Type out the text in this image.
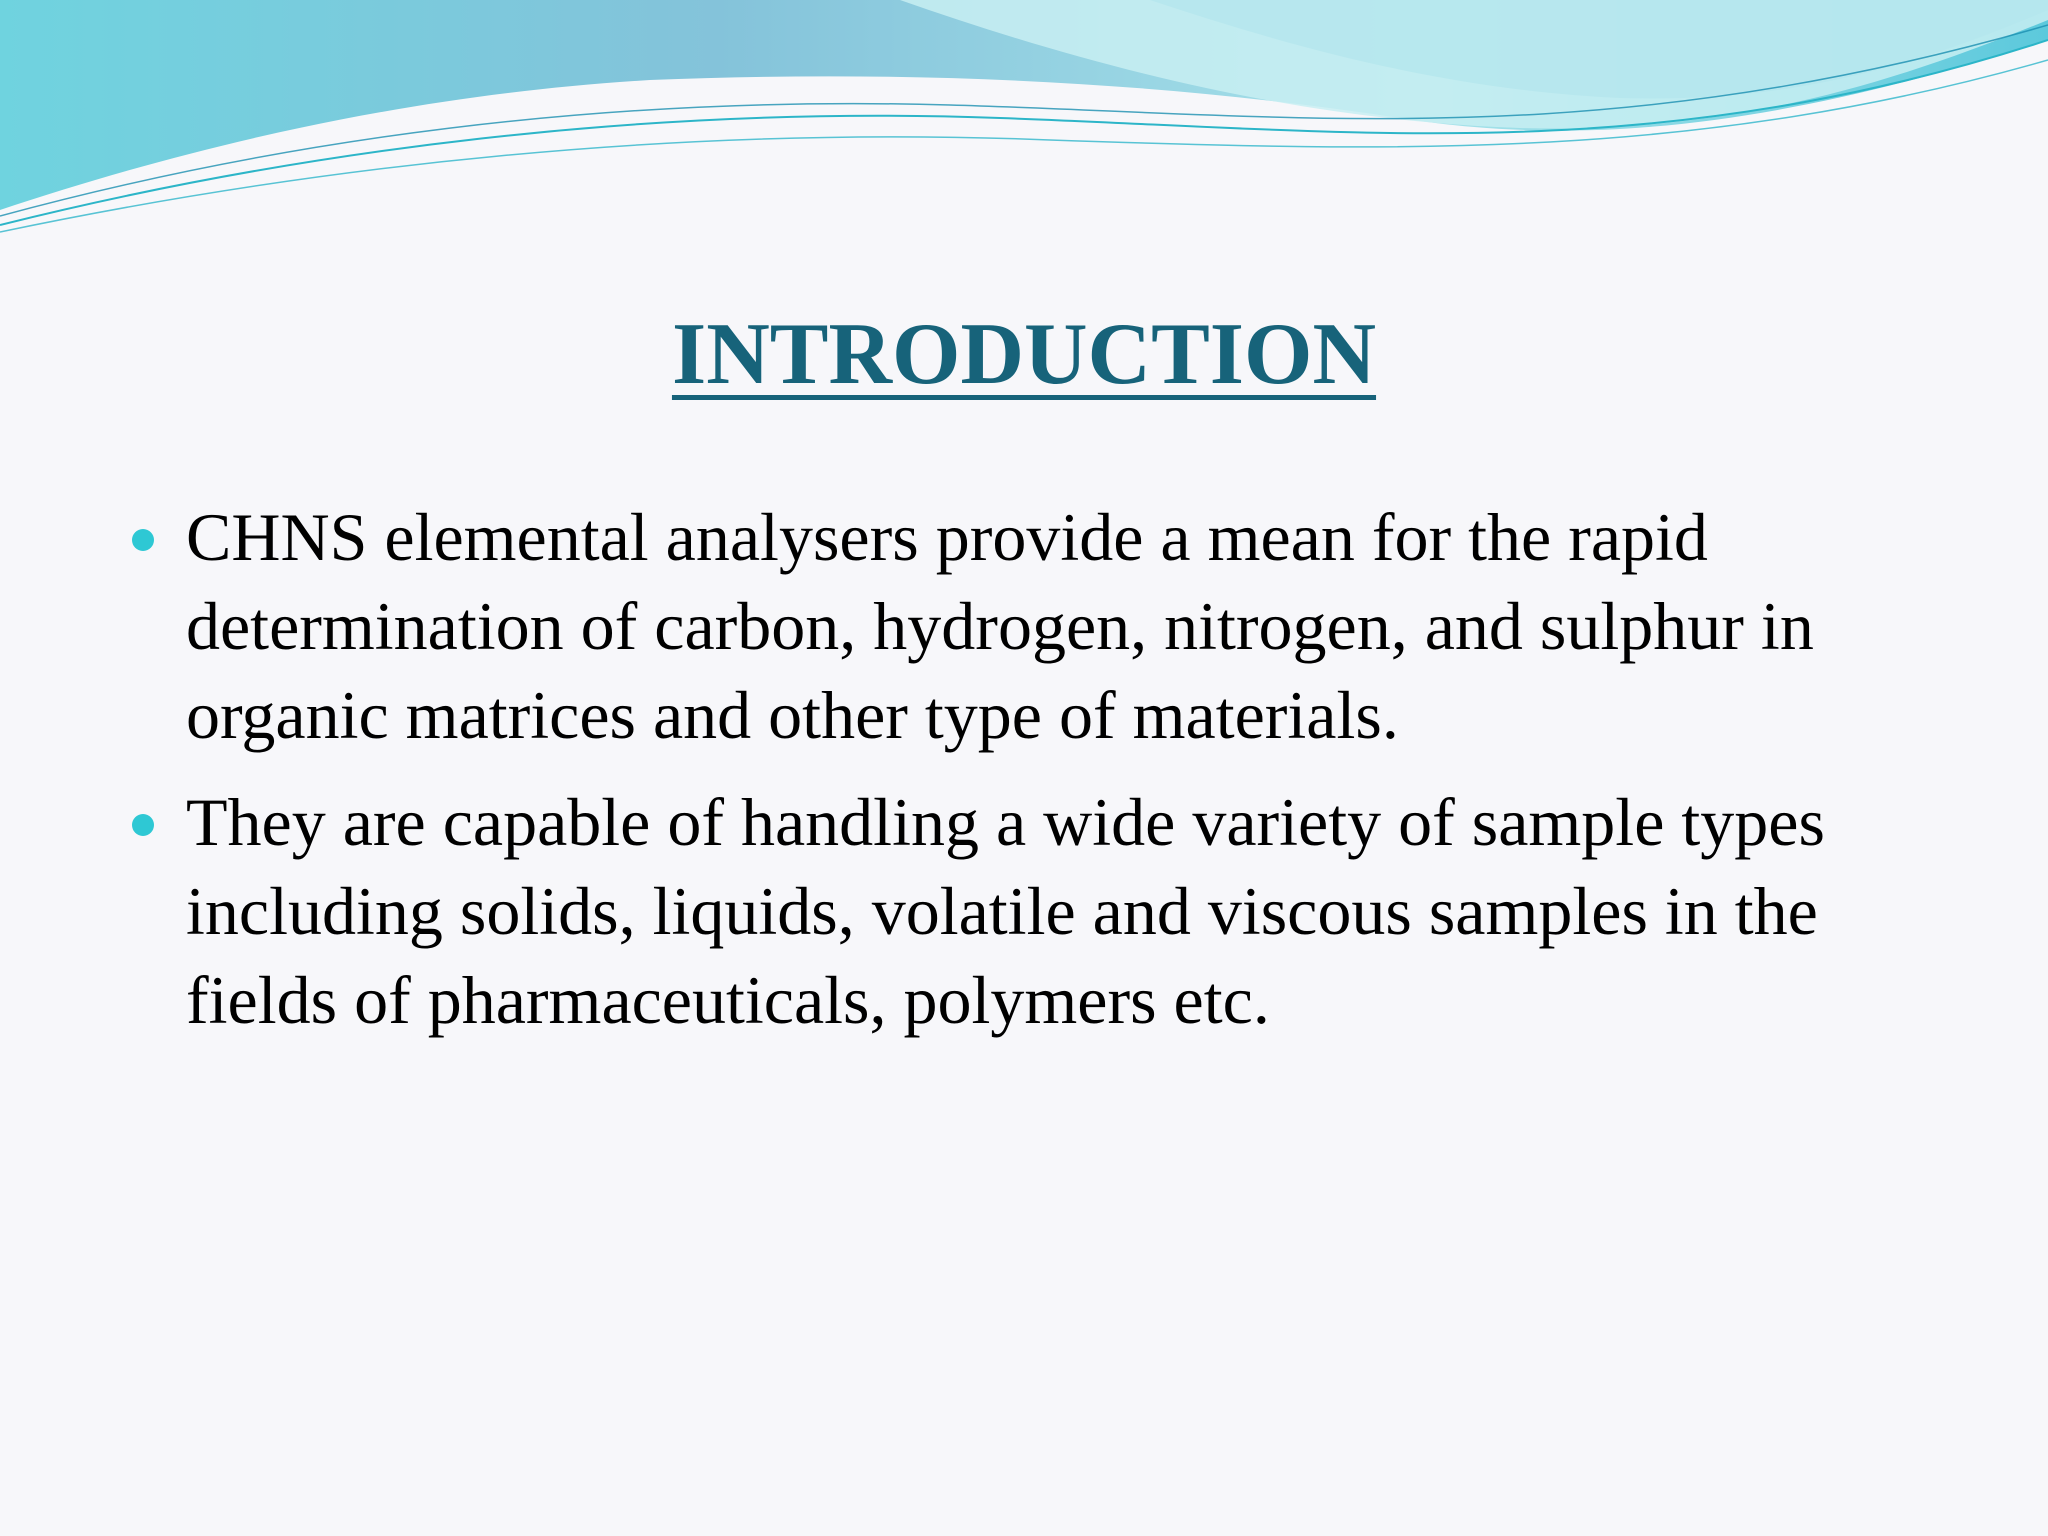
INTRODUCTION
CHNS elemental analysers provide a mean for the rapid determination of carbon, hydrogen, nitrogen, and sulphur in organic matrices and other type of materials.
They are capable of handling a wide variety of sample types including solids, liquids, volatile and viscous samples in the fields of pharmaceuticals, polymers etc.
